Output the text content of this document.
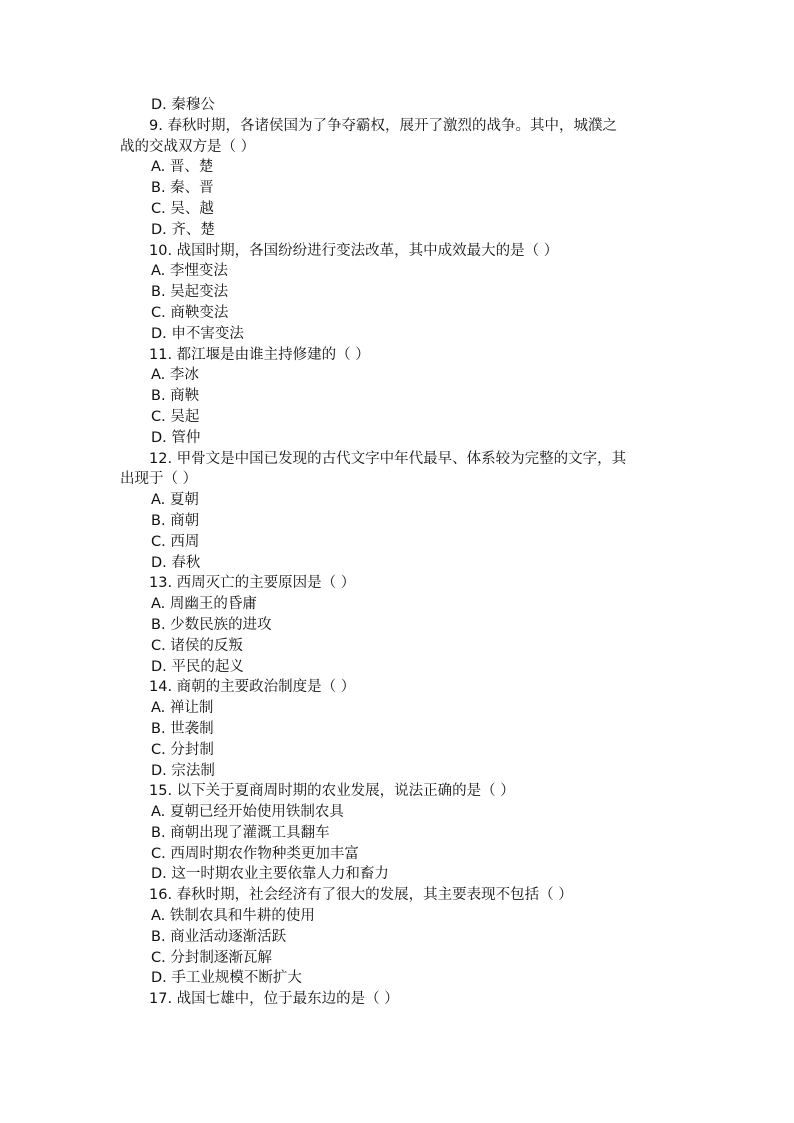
D. 秦穆公
9. 春秋时期，各诸侯国为了争夺霸权，展开了激烈的战争。其中，城濮之
战的交战双方是（ ）
A. 晋、楚
B. 秦、晋
C. 吴、越
D. 齐、楚
10. 战国时期，各国纷纷进行变法改革，其中成效最大的是（ ）
A. 李悝变法
B. 吴起变法
C. 商鞅变法
D. 申不害变法
11. 都江堰是由谁主持修建的（ ）
A. 李冰
B. 商鞅
C. 吴起
D. 管仲
12. 甲骨文是中国已发现的古代文字中年代最早、体系较为完整的文字，其
出现于（ ）
A. 夏朝
B. 商朝
C. 西周
D. 春秋
13. 西周灭亡的主要原因是（ ）
A. 周幽王的昏庸
B. 少数民族的进攻
C. 诸侯的反叛
D. 平民的起义
14. 商朝的主要政治制度是（ ）
A. 禅让制
B. 世袭制
C. 分封制
D. 宗法制
15. 以下关于夏商周时期的农业发展，说法正确的是（ ）
A. 夏朝已经开始使用铁制农具
B. 商朝出现了灌溉工具翻车
C. 西周时期农作物种类更加丰富
D. 这一时期农业主要依靠人力和畜力
16. 春秋时期，社会经济有了很大的发展，其主要表现不包括（ ）
A. 铁制农具和牛耕的使用
B. 商业活动逐渐活跃
C. 分封制逐渐瓦解
D. 手工业规模不断扩大
17. 战国七雄中，位于最东边的是（ ）
